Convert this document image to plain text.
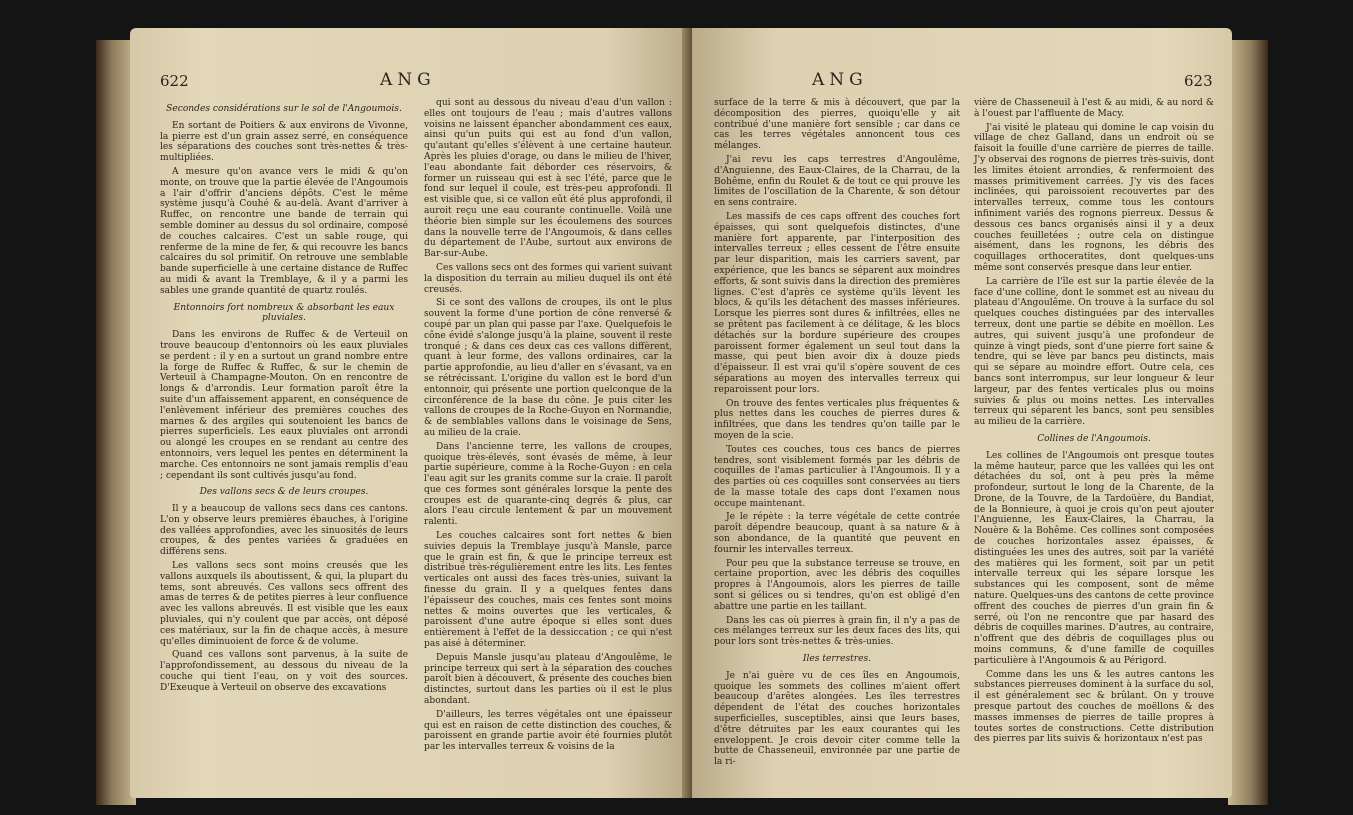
622	ANG

Secondes considérations sur le sol de l'Angoumois.

En sortant de Poitiers & aux environs de Vivonne, la pierre est d'un grain assez serré, en conséquence les séparations des couches sont très-nettes & très-multipliées.

A mesure qu'on avance vers le midi & qu'on monte, on trouve que la partie élevée de l'Angoumois a l'air d'offrir d'anciens dépôts. C'est le même système jusqu'à Couhé & au-delà. Avant d'arriver à Ruffec, on rencontre une bande de terrain qui semble dominer au dessus du sol ordinaire, composé de couches calcaires. C'est un sable rouge, qui renferme de la mine de fer, & qui recouvre les bancs calcaires du sol primitif. On retrouve une semblable bande superficielle à une certaine distance de Ruffec au midi & avant la Tremblaye, & il y a parmi les sables une grande quantité de quartz roulés.

Entonnoirs fort nombreux & absorbant les eaux pluviales.

Dans les environs de Ruffec & de Verteuil on trouve beaucoup d'entonnoirs où les eaux pluviales se perdent : il y en a surtout un grand nombre entre la forge de Ruffec & Ruffec, & sur le chemin de Verteuil à Champagne-Mouton. On en rencontre de longs & d'arrondis. Leur formation paroît être la suite d'un affaissement apparent, en conséquence de l'enlèvement inférieur des premières couches des marnes & des argiles qui soutenoient les bancs de pierres superficiels. Les eaux pluviales ont arrondi ou alongé les croupes en se rendant au centre des entonnoirs, vers lequel les pentes en déterminent la marche. Ces entonnoirs ne sont jamais remplis d'eau ; cependant ils sont cultivés jusqu'au fond.

Des vallons secs & de leurs croupes.

Il y a beaucoup de vallons secs dans ces cantons. L'on y observe leurs premières ébauches, à l'origine des vallées approfondies, avec les sinuosités de leurs croupes, & des pentes variées & graduées en différens sens.

Les vallons secs sont moins creusés que les vallons auxquels ils aboutissent, & qui, la plupart du tems, sont abreuvés. Ces vallons secs offrent des amas de terres & de petites pierres à leur confluence avec les vallons abreuvés. Il est visible que les eaux pluviales, qui n'y coulent que par accès, ont déposé ces matériaux, sur la fin de chaque accès, à mesure qu'elles diminuoient de force & de volume.

Quand ces vallons sont parvenus, à la suite de l'approfondissement, au dessous du niveau de la couche qui tient l'eau, on y voit des sources. D'Exeuque à Verteuil on observe des excavations

qui sont au dessous du niveau d'eau d'un vallon : elles ont toujours de l'eau ; mais d'autres vallons voisins ne laissent épancher abondamment ces eaux, ainsi qu'un puits qui est au fond d'un vallon, qu'autant qu'elles s'élèvent à une certaine hauteur. Après les pluies d'orage, ou dans le milieu de l'hiver, l'eau abondante fait déborder ces réservoirs, & former un ruisseau qui est à sec l'été, parce que le fond sur lequel il coule, est très-peu approfondi. Il est visible que, si ce vallon eût été plus approfondi, il auroit reçu une eau courante continuelle. Voilà une théorie bien simple sur les écoulemens des sources dans la nouvelle terre de l'Angoumois, & dans celles du département de l'Aube, surtout aux environs de Bar-sur-Aube.

Ces vallons secs ont des formes qui varient suivant la disposition du terrain au milieu duquel ils ont été creusés.

Si ce sont des vallons de croupes, ils ont le plus souvent la forme d'une portion de cône renversé & coupé par un plan qui passe par l'axe. Quelquefois le cône évidé s'alonge jusqu'à la plaine, souvent il reste tronqué ; & dans ces deux cas ces vallons diffèrent, quant à leur forme, des vallons ordinaires, car la partie approfondie, au lieu d'aller en s'évasant, va en se rétrécissant. L'origine du vallon est le bord d'un entonnoir, qui présente une portion quelconque de la circonférence de la base du cône. Je puis citer les vallons de croupes de la Roche-Guyon en Normandie, & de semblables vallons dans le voisinage de Sens, au milieu de la craie.

Dans l'ancienne terre, les vallons de croupes, quoique très-élevés, sont évasés de même, à leur partie supérieure, comme à la Roche-Guyon : en cela l'eau agit sur les granits comme sur la craie. Il paroît que ces formes sont générales lorsque la pente des croupes est de quarante-cinq degrés & plus, car alors l'eau circule lentement & par un mouvement ralenti.

Les couches calcaires sont fort nettes & bien suivies depuis la Tremblaye jusqu'à Mansle, parce que le grain est fin, & que le principe terreux est distribué très-régulièrement entre les lits. Les fentes verticales ont aussi des faces très-unies, suivant la finesse du grain. Il y a quelques fentes dans l'épaisseur des couches, mais ces fentes sont moins nettes & moins ouvertes que les verticales, & paroissent d'une autre époque si elles sont dues entièrement à l'effet de la dessiccation ; ce qui n'est pas aisé à déterminer.

Depuis Mansle jusqu'au plateau d'Angoulême, le principe terreux qui sert à la séparation des couches paroît bien à découvert, & présente des couches bien distinctes, surtout dans les parties où il est le plus abondant.

D'ailleurs, les terres végétales ont une épaisseur qui est en raison de cette distinction des couches, & paroissent en grande partie avoir été fournies plutôt par les intervalles terreux & voisins de la

ANG	623

surface de la terre & mis à découvert, que par la décomposition des pierres, quoiqu'elle y ait contribué d'une manière fort sensible ; car dans ce cas les terres végétales annoncent tous ces mélanges.

J'ai revu les caps terrestres d'Angoulême, d'Anguienne, des Eaux-Claires, de la Charrau, de la Bohême, enfin du Roulet & de tout ce qui prouve les limites de l'oscillation de la Charente, & son détour en sens contraire.

Les massifs de ces caps offrent des couches fort épaisses, qui sont quelquefois distinctes, d'une manière fort apparente, par l'interposition des intervalles terreux ; elles cessent de l'être ensuite par leur disparition, mais les carriers savent, par expérience, que les bancs se séparent aux moindres efforts, & sont suivis dans la direction des premières lignes. C'est d'après ce système qu'ils lèvent les blocs, & qu'ils les détachent des masses inférieures. Lorsque les pierres sont dures & infiltrées, elles ne se prêtent pas facilement à ce délitage, & les blocs détachés sur la bordure supérieure des croupes paroissent former également un seul tout dans la masse, qui peut bien avoir dix à douze pieds d'épaisseur. Il est vrai qu'il s'opère souvent de ces séparations au moyen des intervalles terreux qui reparoissent pour lors.

On trouve des fentes verticales plus fréquentes & plus nettes dans les couches de pierres dures & infiltrées, que dans les tendres qu'on taille par le moyen de la scie.

Toutes ces couches, tous ces bancs de pierres tendres, sont visiblement formés par les débris de coquilles de l'amas particulier à l'Angoumois. Il y a des parties où ces coquilles sont conservées au tiers de la masse totale des caps dont l'examen nous occupe maintenant.

Je le répète : la terre végétale de cette contrée paroît dépendre beaucoup, quant à sa nature & à son abondance, de la quantité que peuvent en fournir les intervalles terreux.

Pour peu que la substance terreuse se trouve, en certaine proportion, avec les débris des coquilles propres à l'Angoumois, alors les pierres de taille sont si gélices ou si tendres, qu'on est obligé d'en abattre une partie en les taillant.

Dans les cas où pierres à grain fin, il n'y a pas de ces mélanges terreux sur les deux faces des lits, qui pour lors sont très-nettes & très-unies.

Iles terrestres.

Je n'ai guère vu de ces îles en Angoumois, quoique les sommets des collines m'aient offert beaucoup d'arêtes alongées. Les îles terrestres dépendent de l'état des couches horizontales superficielles, susceptibles, ainsi que leurs bases, d'être détruites par les eaux courantes qui les enveloppent. Je crois devoir citer comme telle la butte de Chasseneuil, environnée par une partie de la ri-

vière de Chasseneuil à l'est & au midi, & au nord & à l'ouest par l'affluente de Macy.

J'ai visité le plateau qui domine le cap voisin du village de chez Galland, dans un endroit où se faisoit la fouille d'une carrière de pierres de taille. J'y observai des rognons de pierres très-suivis, dont les limites étoient arrondies, & renfermoient des masses primitivement carrées. J'y vis des faces inclinées, qui paroissoient recouvertes par des intervalles terreux, comme tous les contours infiniment variés des rognons pierreux. Dessus & dessous ces bancs organisés ainsi il y a deux couches feuilletées ; outre cela on distingue aisément, dans les rognons, les débris des coquillages orthoceratites, dont quelques-uns même sont conservés presque dans leur entier.

La carrière de l'île est sur la partie élevée de la face d'une colline, dont le sommet est au niveau du plateau d'Angoulême. On trouve à la surface du sol quelques couches distinguées par des intervalles terreux, dont une partie se débite en moëllon. Les autres, qui suivent jusqu'à une profondeur de quinze à vingt pieds, sont d'une pierre fort saine & tendre, qui se lève par bancs peu distincts, mais qui se sépare au moindre effort. Outre cela, ces bancs sont interrompus, sur leur longueur & leur largeur, par des fentes verticales plus ou moins suivies & plus ou moins nettes. Les intervalles terreux qui séparent les bancs, sont peu sensibles au milieu de la carrière.

Collines de l'Angoumois.

Les collines de l'Angoumois ont presque toutes la même hauteur, parce que les vallées qui les ont détachées du sol, ont à peu près la même profondeur, surtout le long de la Charente, de la Drone, de la Touvre, de la Tardoüère, du Bandiat, de la Bonnieure, à quoi je crois qu'on peut ajouter l'Anguienne, les Eaux-Claires, la Charrau, la Nouère & la Bohême. Ces collines sont composées de couches horizontales assez épaisses, & distinguées les unes des autres, soit par la variété des matières qui les forment, soit par un petit intervalle terreux qui les sépare lorsque les substances qui les composent, sont de même nature. Quelques-uns des cantons de cette province offrent des couches de pierres d'un grain fin & serré, où l'on ne rencontre que par hasard des débris de coquilles marines. D'autres, au contraire, n'offrent que des débris de coquillages plus ou moins communs, & d'une famille de coquilles particulière à l'Angoumois & au Périgord.

Comme dans les uns & les autres cantons les substances pierreuses dominent à la surface du sol, il est généralement sec & brûlant. On y trouve presque partout des couches de moëllons & des masses immenses de pierres de taille propres à toutes sortes de constructions. Cette distribution des pierres par lits suivis & horizontaux n'est pas
